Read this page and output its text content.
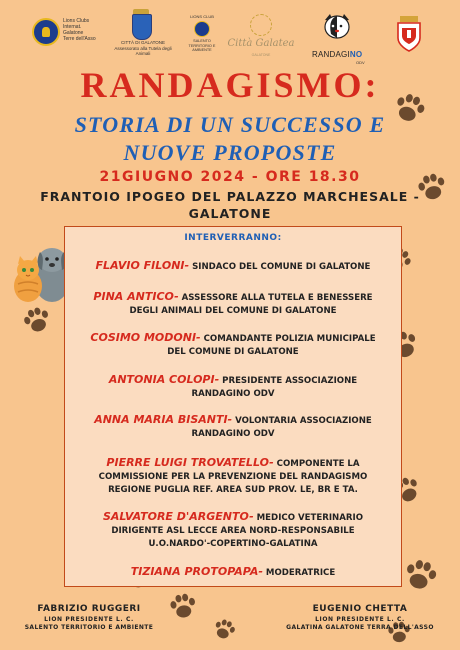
Lions Clubs
Internat.
Galatone
Terre dell'Asso
CITTÀ DI GALATONE
Assessorato alla Tutela degli Animali
LIONS CLUB
SALENTO
TERRITORIO E
AMBIENTE
Città Galatea
GALATONE	RANDAGINO
ODV
RANDAGISMO:
STORIA DI UN SUCCESSO E
NUOVE PROPOSTE
21GIUGNO 2024 - ORE 18.30
FRANTOIO IPOGEO DEL PALAZZO MARCHESALE -
GALATONE
INTERVERRANNO:
FLAVIO FILONI- SINDACO DEL COMUNE DI GALATONE
PINA ANTICO- ASSESSORE ALLA TUTELA E BENESSERE
DEGLI ANIMALI DEL COMUNE DI GALATONE
COSIMO MODONI- COMANDANTE POLIZIA MUNICIPALE
DEL COMUNE DI GALATONE
ANTONIA COLOPI- PRESIDENTE ASSOCIAZIONE
RANDAGINO ODV
ANNA MARIA BISANTI- VOLONTARIA ASSOCIAZIONE
RANDAGINO ODV
PIERRE LUIGI TROVATELLO- COMPONENTE LA
COMMISSIONE PER LA PREVENZIONE DEL RANDAGISMO
REGIONE PUGLIA REF. AREA SUD PROV. LE, BR E TA.
SALVATORE D'ARGENTO- MEDICO VETERINARIO
DIRIGENTE ASL LECCE AREA NORD-RESPONSABILE
U.O.NARDO'-COPERTINO-GALATINA
TIZIANA PROTOPAPA- MODERATRICE
FABRIZIO RUGGERI
LION PRESIDENTE L. C.
SALENTO TERRITORIO E AMBIENTE
EUGENIO CHETTA
LION PRESIDENTE L. C.
GALATINA GALATONE TERRA DELL'ASSO
